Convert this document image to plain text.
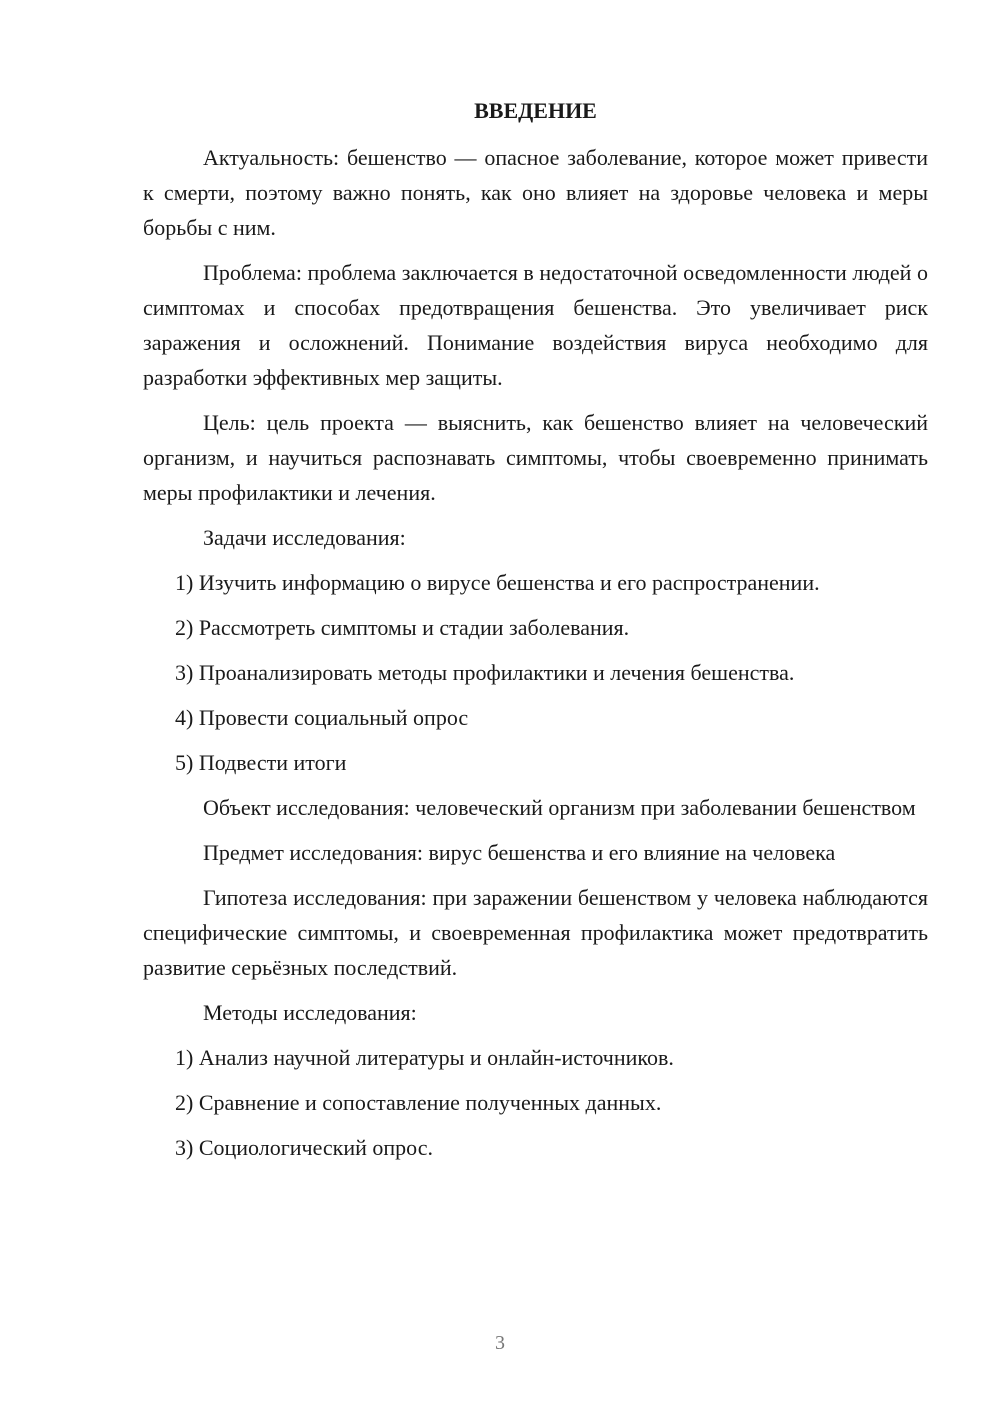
ВВЕДЕНИЕ

Актуальность: бешенство — опасное заболевание, которое может привести к смерти, поэтому важно понять, как оно влияет на здоровье человека и меры борьбы с ним.

Проблема: проблема заключается в недостаточной осведомленности людей о симптомах и способах предотвращения бешенства. Это увеличивает риск заражения и осложнений. Понимание воздействия вируса необходимо для разработки эффективных мер защиты.

Цель: цель проекта — выяснить, как бешенство влияет на человеческий организм, и научиться распознавать симптомы, чтобы своевременно принимать меры профилактики и лечения.

Задачи исследования:

1) Изучить информацию о вирусе бешенства и его распространении.

2) Рассмотреть симптомы и стадии заболевания.

3) Проанализировать методы профилактики и лечения бешенства.

4) Провести социальный опрос

5) Подвести итоги

Объект исследования: человеческий организм при заболевании бешенством

Предмет исследования: вирус бешенства и его влияние на человека

Гипотеза исследования: при заражении бешенством у человека наблюдаются специфические симптомы, и своевременная профилактика может предотвратить развитие серьёзных последствий.

Методы исследования:

1) Анализ научной литературы и онлайн-источников.

2) Сравнение и сопоставление полученных данных.

3) Социологический опрос.

3
